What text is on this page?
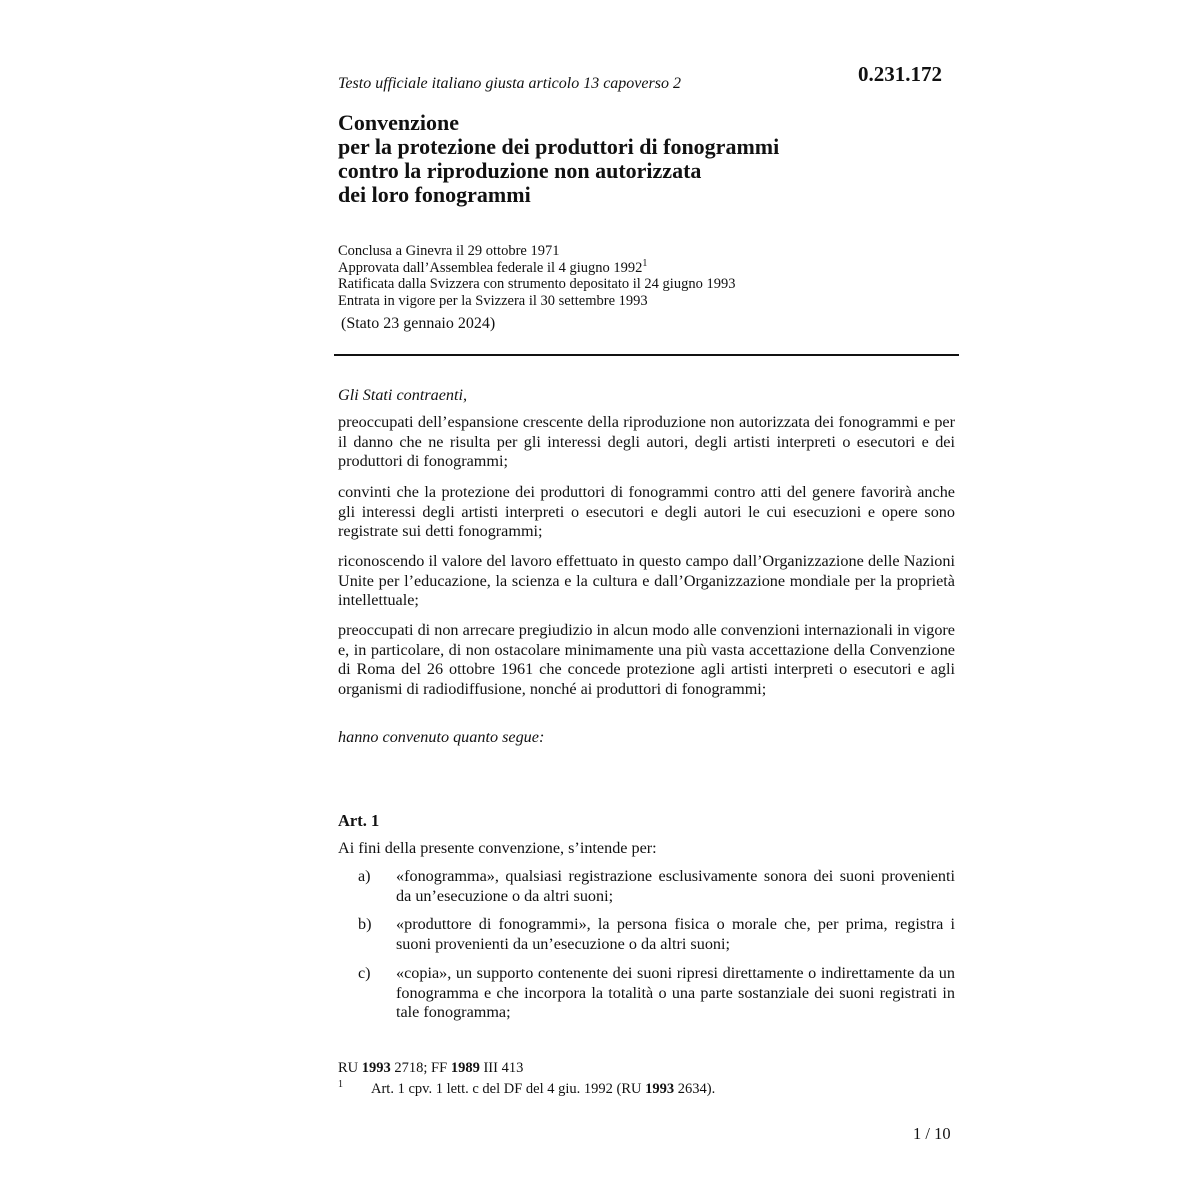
Testo ufficiale italiano giusta articolo 13 capoverso 2	0.231.172
Convenzione
per la protezione dei produttori di fonogrammi
contro la riproduzione non autorizzata
dei loro fonogrammi
Conclusa a Ginevra il 29 ottobre 1971
Approvata dall’Assemblea federale il 4 giugno 1992$^1$
Ratificata dalla Svizzera con strumento depositato il 24 giugno 1993
Entrata in vigore per la Svizzera il 30 settembre 1993
(Stato 23 gennaio 2024)
Gli Stati contraenti,

preoccupati dell’espansione crescente della riproduzione non autorizzata dei fonogrammi e per il danno che ne risulta per gli interessi degli autori, degli artisti interpreti o esecutori e dei produttori di fonogrammi;

convinti che la protezione dei produttori di fonogrammi contro atti del genere favorirà anche gli interessi degli artisti interpreti o esecutori e degli autori le cui esecuzioni e opere sono registrate sui detti fonogrammi;

riconoscendo il valore del lavoro effettuato in questo campo dall’Organizzazione delle Nazioni Unite per l’educazione, la scienza e la cultura e dall’Organizzazione mondiale per la proprietà intellettuale;

preoccupati di non arrecare pregiudizio in alcun modo alle convenzioni internazionali in vigore e, in particolare, di non ostacolare minimamente una più vasta accettazione della Convenzione di Roma del 26 ottobre 1961 che concede protezione agli artisti interpreti o esecutori e agli organismi di radiodiffusione, nonché ai produttori di fonogrammi;

hanno convenuto quanto segue:
Art. 1
Ai fini della presente convenzione, s’intende per:
a) «fonogramma», qualsiasi registrazione esclusivamente sonora dei suoni provenienti da un’esecuzione o da altri suoni;
b) «produttore di fonogrammi», la persona fisica o morale che, per prima, registra i suoni provenienti da un’esecuzione o da altri suoni;
c) «copia», un supporto contenente dei suoni ripresi direttamente o indirettamente da un fonogramma e che incorpora la totalità o una parte sostanziale dei suoni registrati in tale fonogramma;
RU 1993 2718; FF 1989 III 413
1 Art. 1 cpv. 1 lett. c del DF del 4 giu. 1992 (RU 1993 2634).
1 / 10
